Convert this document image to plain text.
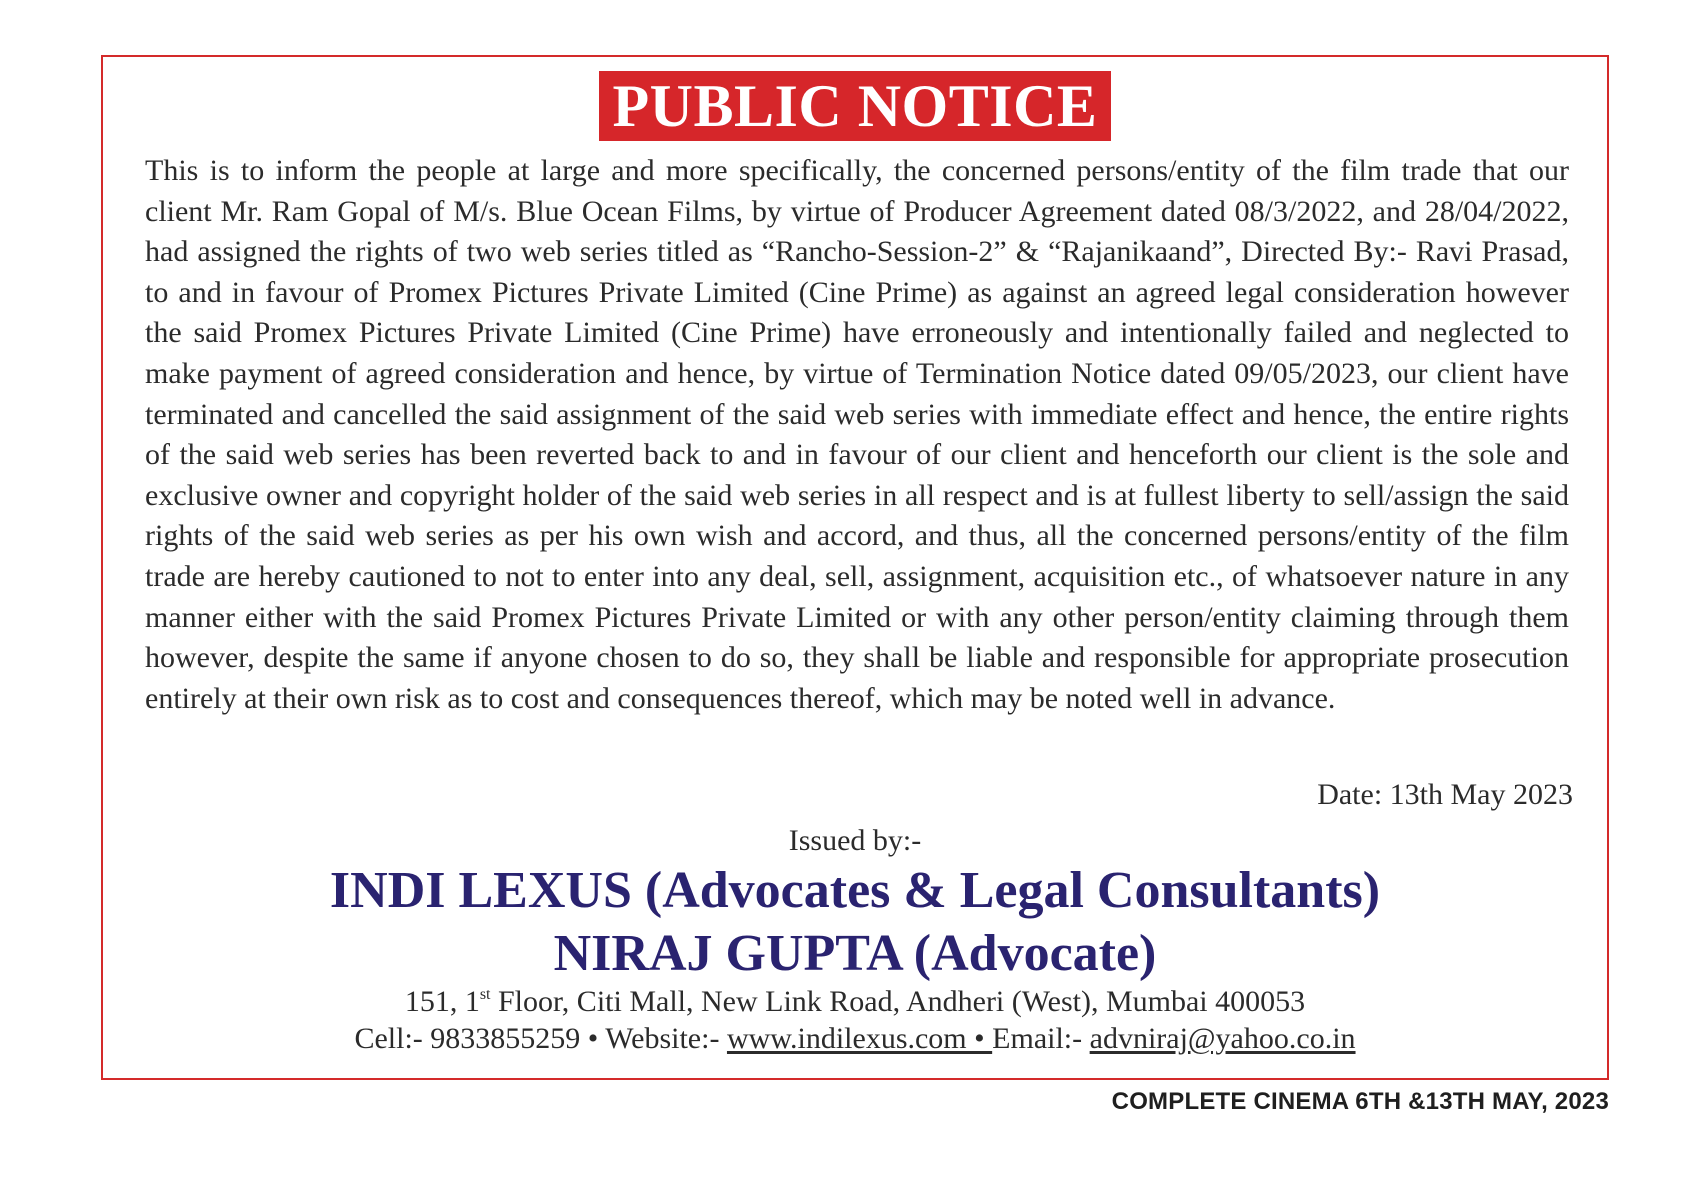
PUBLIC NOTICE

This is to inform the people at large and more specifically, the concerned persons/entity of the film trade that our client Mr. Ram Gopal of M/s. Blue Ocean Films, by virtue of Producer Agreement dated 08/3/2022, and 28/04/2022, had assigned the rights of two web series titled as “Rancho-Session-2” & “Rajanikaand”, Directed By:- Ravi Prasad, to and in favour of Promex Pictures Private Limited (Cine Prime) as against an agreed legal consideration however the said Promex Pictures Private Limited (Cine Prime) have erroneously and intentionally failed and neglected to make payment of agreed consideration and hence, by virtue of Termination Notice dated 09/05/2023, our client have terminated and cancelled the said assignment of the said web series with immediate effect and hence, the entire rights of the said web series has been reverted back to and in favour of our client and henceforth our client is the sole and exclusive owner and copyright holder of the said web series in all respect and is at fullest liberty to sell/assign the said rights of the said web series as per his own wish and accord, and thus, all the concerned persons/entity of the film trade are hereby cautioned to not to enter into any deal, sell, assignment, acquisition etc., of whatsoever nature in any manner either with the said Promex Pictures Private Limited or with any other person/entity claiming through them however, despite the same if anyone chosen to do so, they shall be liable and responsible for appropriate prosecution entirely at their own risk as to cost and consequences thereof, which may be noted well in advance.

Date: 13th May 2023
Issued by:-
INDI LEXUS (Advocates & Legal Consultants)
NIRAJ GUPTA (Advocate)
151, 1st Floor, Citi Mall, New Link Road, Andheri (West), Mumbai 400053
Cell:- 9833855259 • Website:- www.indilexus.com • Email:- advniraj@yahoo.co.in
COMPLETE CINEMA 6TH &13TH MAY, 2023
